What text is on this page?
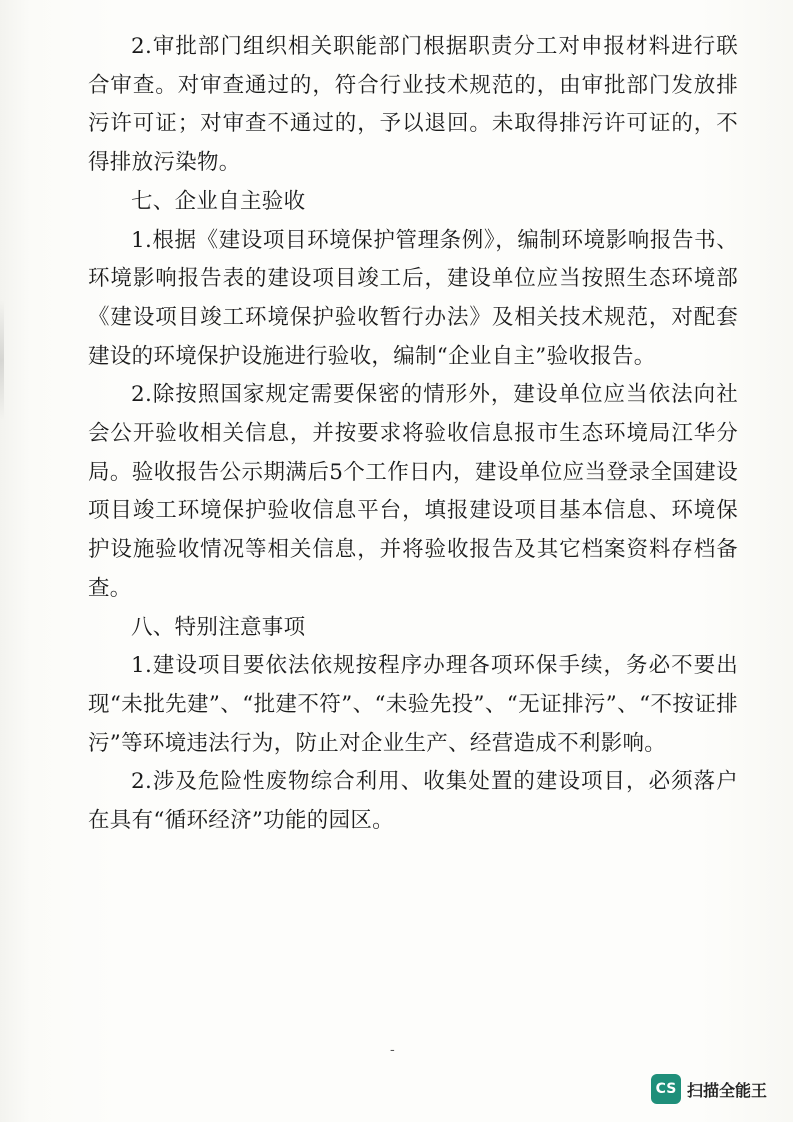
2.审批部门组织相关职能部门根据职责分工对申报材料进行联合审查。对审查通过的，符合行业技术规范的，由审批部门发放排污许可证；对审查不通过的，予以退回。未取得排污许可证的，不得排放污染物。

七、企业自主验收

1.根据《建设项目环境保护管理条例》，编制环境影响报告书、环境影响报告表的建设项目竣工后，建设单位应当按照生态环境部《建设项目竣工环境保护验收暂行办法》及相关技术规范，对配套建设的环境保护设施进行验收，编制“企业自主”验收报告。

2.除按照国家规定需要保密的情形外，建设单位应当依法向社会公开验收相关信息，并按要求将验收信息报市生态环境局江华分局。验收报告公示期满后5个工作日内，建设单位应当登录全国建设项目竣工环境保护验收信息平台，填报建设项目基本信息、环境保护设施验收情况等相关信息，并将验收报告及其它档案资料存档备查。

八、特别注意事项

1.建设项目要依法依规按程序办理各项环保手续，务必不要出现“未批先建”、“批建不符”、“未验先投”、“无证排污”、“不按证排污”等环境违法行为，防止对企业生产、经营造成不利影响。

2.涉及危险性废物综合利用、收集处置的建设项目，必须落户在具有“循环经济”功能的园区。

-
CS 扫描全能王
